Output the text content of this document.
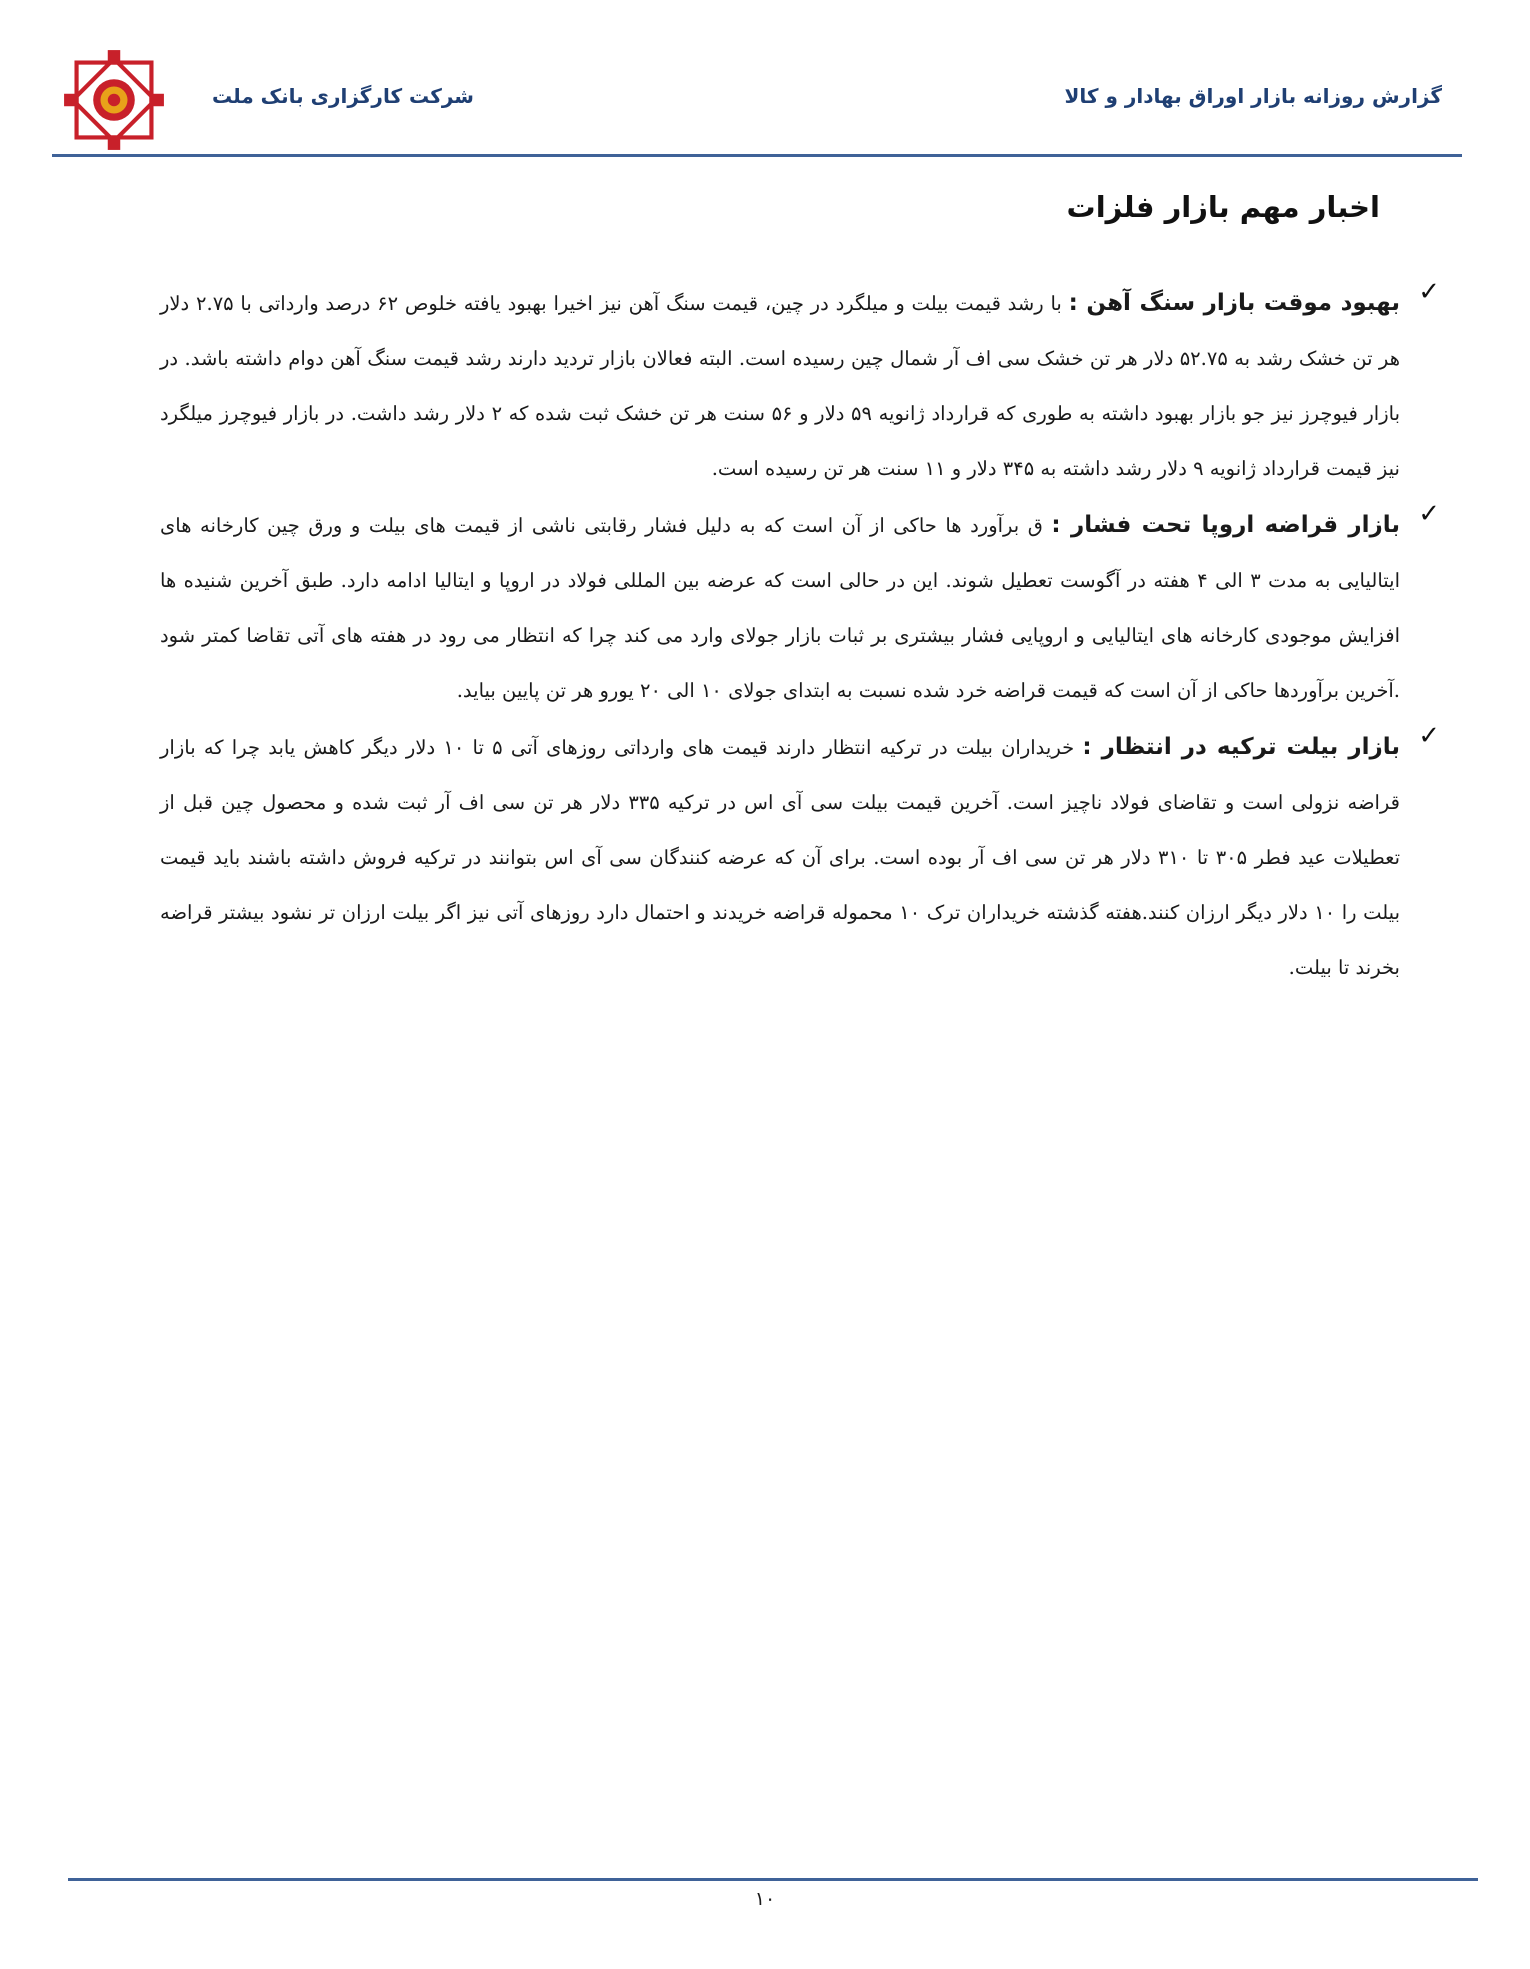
شرکت کارگزاری بانک ملت	گزارش روزانه بازار اوراق بهادار و کالا
اخبار مهم بازار فلزات
✓

بهبود موقت بازار سنگ آهن : با رشد قیمت بیلت و میلگرد در چین، قیمت سنگ آهن نیز اخیرا بهبود یافته خلوص ۶۲ درصد وارداتی با ۲.۷۵ دلار هر تن خشک رشد به ۵۲.۷۵ دلار هر تن خشک سی اف آر شمال چین رسیده است. البته فعالان بازار تردید دارند رشد قیمت سنگ آهن دوام داشته باشد. در بازار فیوچرز نیز جو بازار بهبود داشته به طوری که قرارداد ژانویه ۵۹ دلار و ۵۶ سنت هر تن خشک ثبت شده که ۲ دلار رشد داشت. در بازار فیوچرز میلگرد نیز قیمت قرارداد ژانویه ۹ دلار رشد داشته به ۳۴۵ دلار و ۱۱ سنت هر تن رسیده است.

✓

بازار قراضه اروپا تحت فشار : ق برآورد ها حاکی از آن است که به دلیل فشار رقابتی ناشی از قیمت های بیلت و ورق چین کارخانه های ایتالیایی به مدت ۳ الی ۴ هفته در آگوست تعطیل شوند. این در حالی است که عرضه بین المللی فولاد در اروپا و ایتالیا ادامه دارد. طبق آخرین شنیده ها افزایش موجودی کارخانه های ایتالیایی و اروپایی فشار بیشتری بر ثبات بازار جولای وارد می کند چرا که انتظار می رود در هفته های آتی تقاضا کمتر شود .آخرین برآوردها حاکی از آن است که قیمت قراضه خرد شده نسبت به ابتدای جولای ۱۰ الی ۲۰ یورو هر تن پایین بیاید.

✓

بازار بیلت ترکیه در انتظار : خریداران بیلت در ترکیه انتظار دارند قیمت های وارداتی روزهای آتی ۵ تا ۱۰ دلار دیگر کاهش یابد چرا که بازار قراضه نزولی است و تقاضای فولاد ناچیز است. آخرین قیمت بیلت سی آی اس در ترکیه ۳۳۵ دلار هر تن سی اف آر ثبت شده و محصول چین قبل از تعطیلات عید فطر ۳۰۵ تا ۳۱۰ دلار هر تن سی اف آر بوده است. برای آن که عرضه کنندگان سی آی اس بتوانند در ترکیه فروش داشته باشند باید قیمت بیلت را ۱۰ دلار دیگر ارزان کنند.هفته گذشته خریداران ترک ۱۰ محموله قراضه خریدند و احتمال دارد روزهای آتی نیز اگر بیلت ارزان تر نشود بیشتر قراضه بخرند تا بیلت.

۱۰
